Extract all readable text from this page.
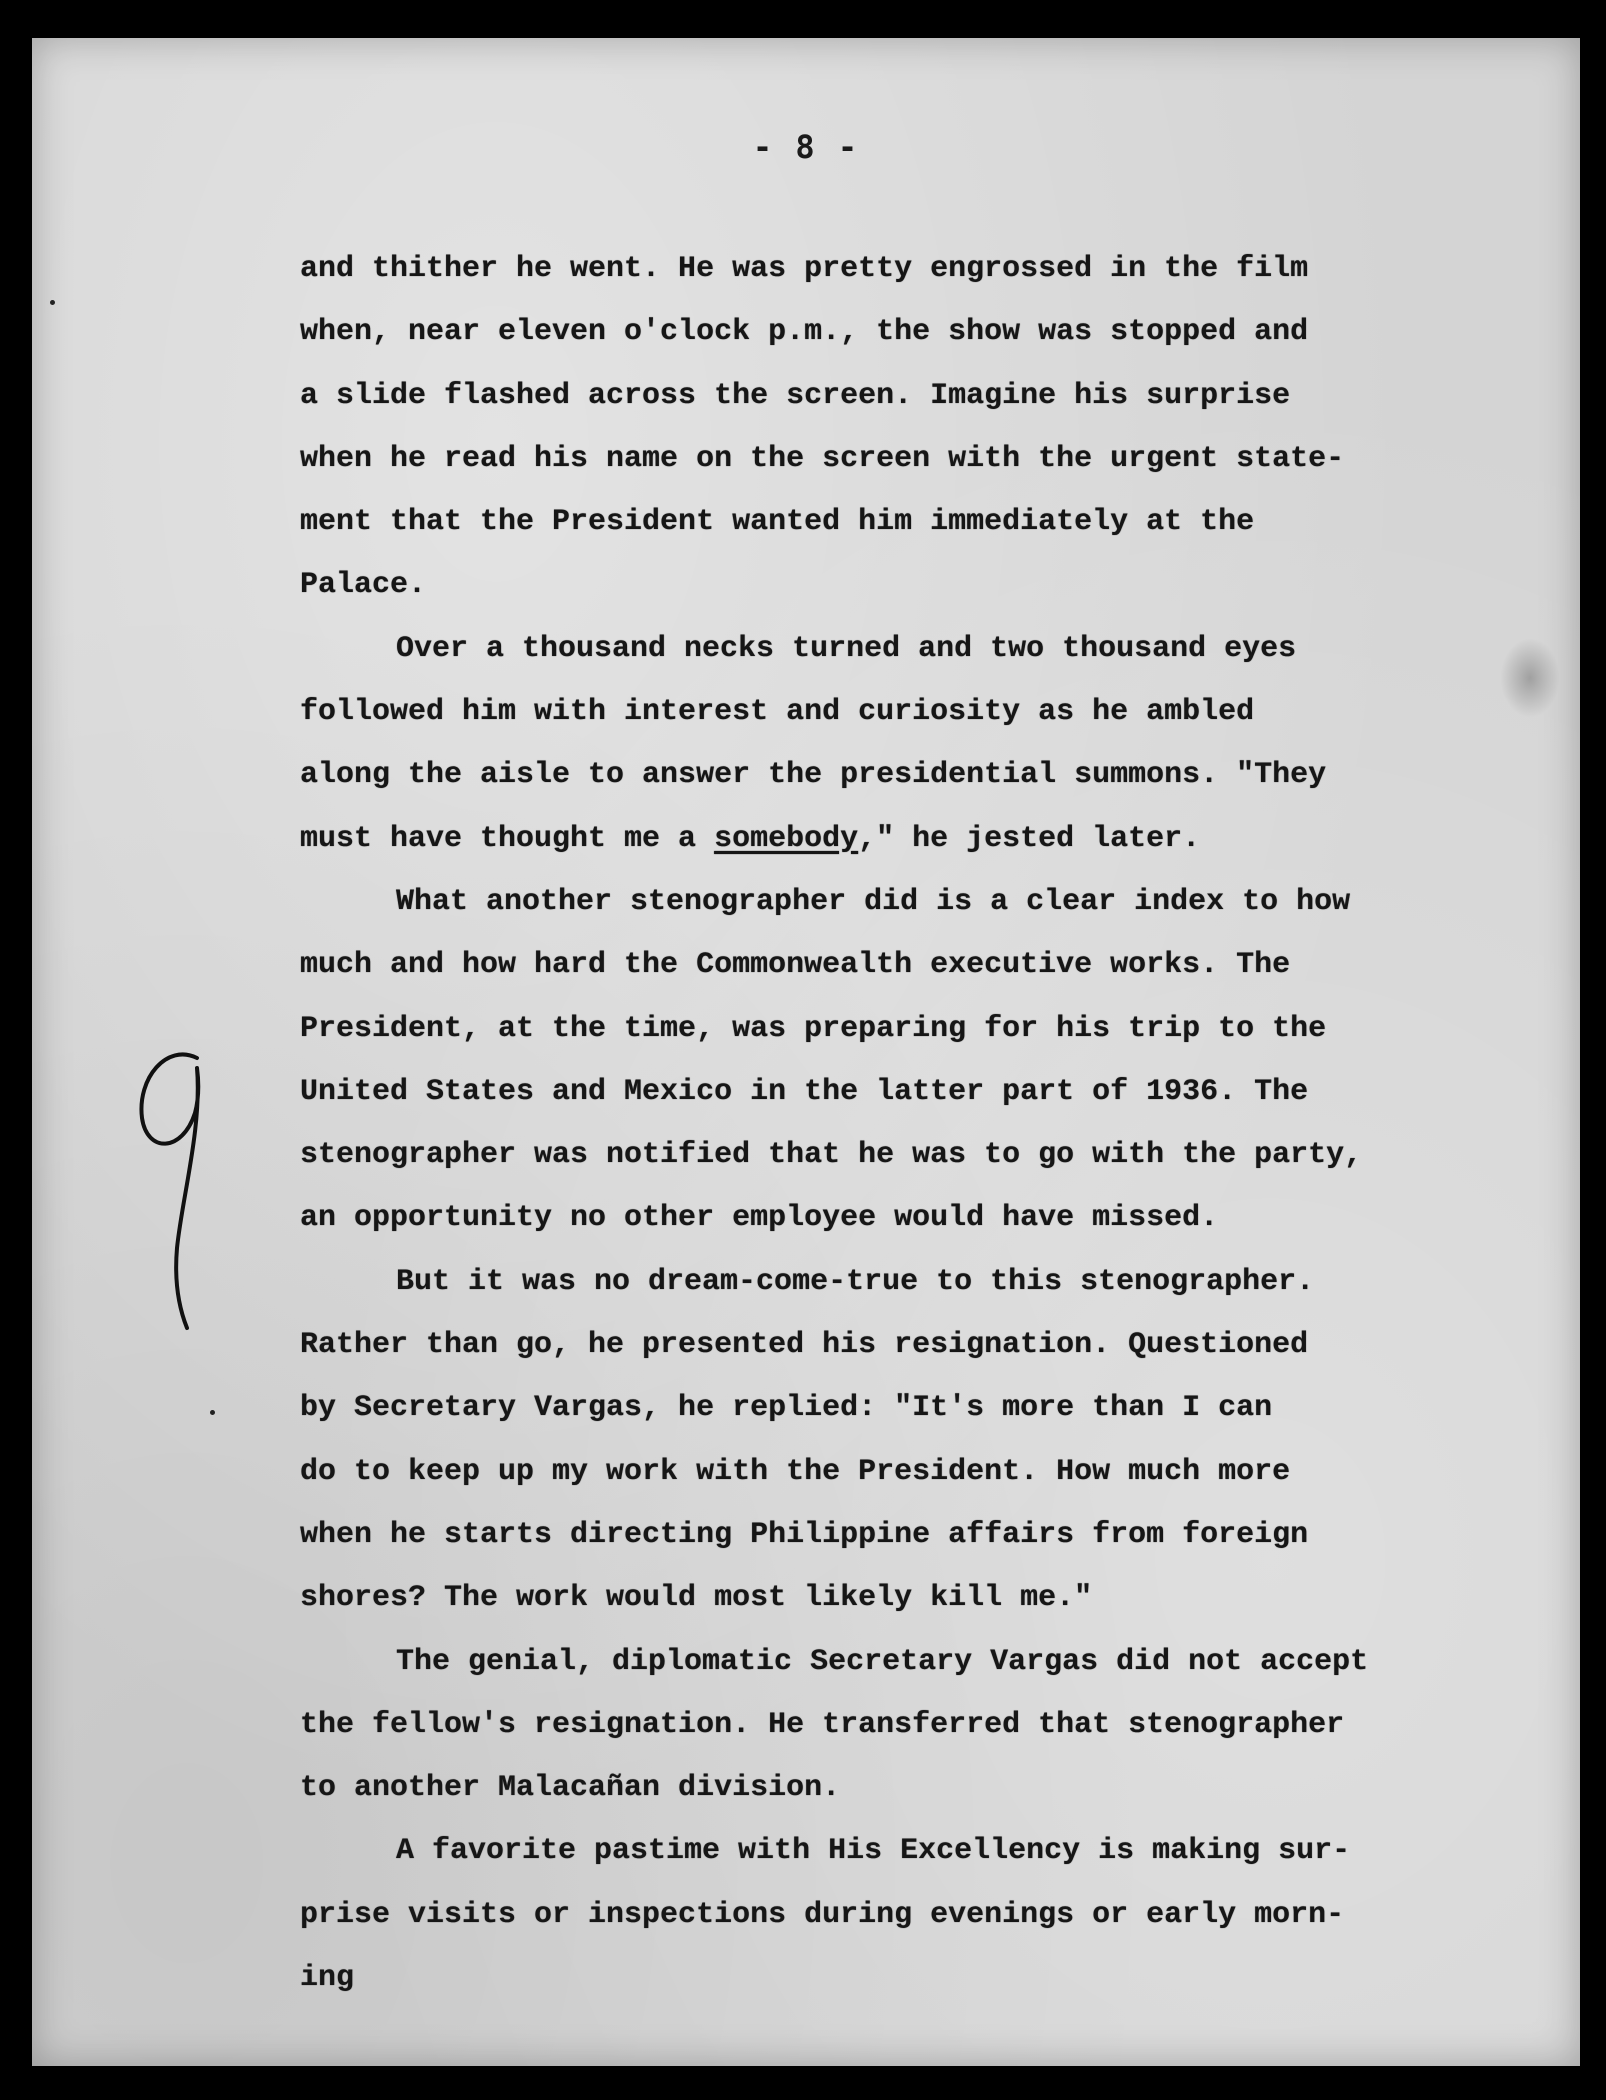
- 8 -
and thither he went. He was pretty engrossed in the film
when, near eleven o'clock p.m., the show was stopped and
a slide flashed across the screen. Imagine his surprise
when he read his name on the screen with the urgent state-
ment that the President wanted him immediately at the
Palace.
Over a thousand necks turned and two thousand eyes
followed him with interest and curiosity as he ambled
along the aisle to answer the presidential summons. "They
must have thought me a somebody," he jested later.
What another stenographer did is a clear index to how
much and how hard the Commonwealth executive works. The
President, at the time, was preparing for his trip to the
United States and Mexico in the latter part of 1936. The
stenographer was notified that he was to go with the party,
an opportunity no other employee would have missed.
But it was no dream-come-true to this stenographer.
Rather than go, he presented his resignation. Questioned
by Secretary Vargas, he replied: "It's more than I can
do to keep up my work with the President. How much more
when he starts directing Philippine affairs from foreign
shores? The work would most likely kill me."
The genial, diplomatic Secretary Vargas did not accept
the fellow's resignation. He transferred that stenographer
to another Malacañan division.
A favorite pastime with His Excellency is making sur-
prise visits or inspections during evenings or early morn-
ing
